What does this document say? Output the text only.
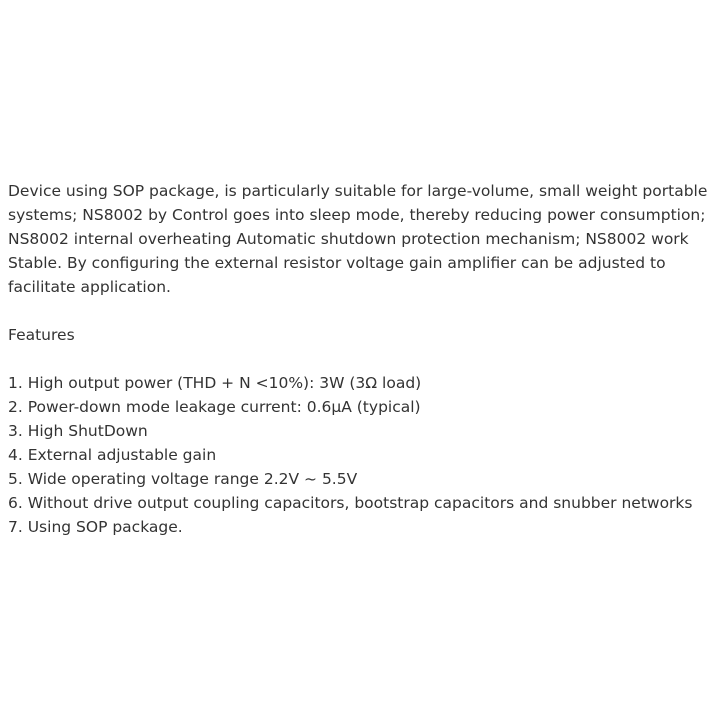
Device using SOP package, is particularly suitable for large-volume, small weight portable systems; NS8002 by Control goes into sleep mode, thereby reducing power consumption; NS8002 internal overheating Automatic shutdown protection mechanism; NS8002 work Stable. By configuring the external resistor voltage gain amplifier can be adjusted to facilitate application.

Features

1. High output power (THD + N <10%): 3W (3Ω load)
2. Power-down mode leakage current: 0.6μA (typical)
3. High ShutDown
4. External adjustable gain
5. Wide operating voltage range 2.2V ~ 5.5V
6. Without drive output coupling capacitors, bootstrap capacitors and snubber networks
7. Using SOP package.
